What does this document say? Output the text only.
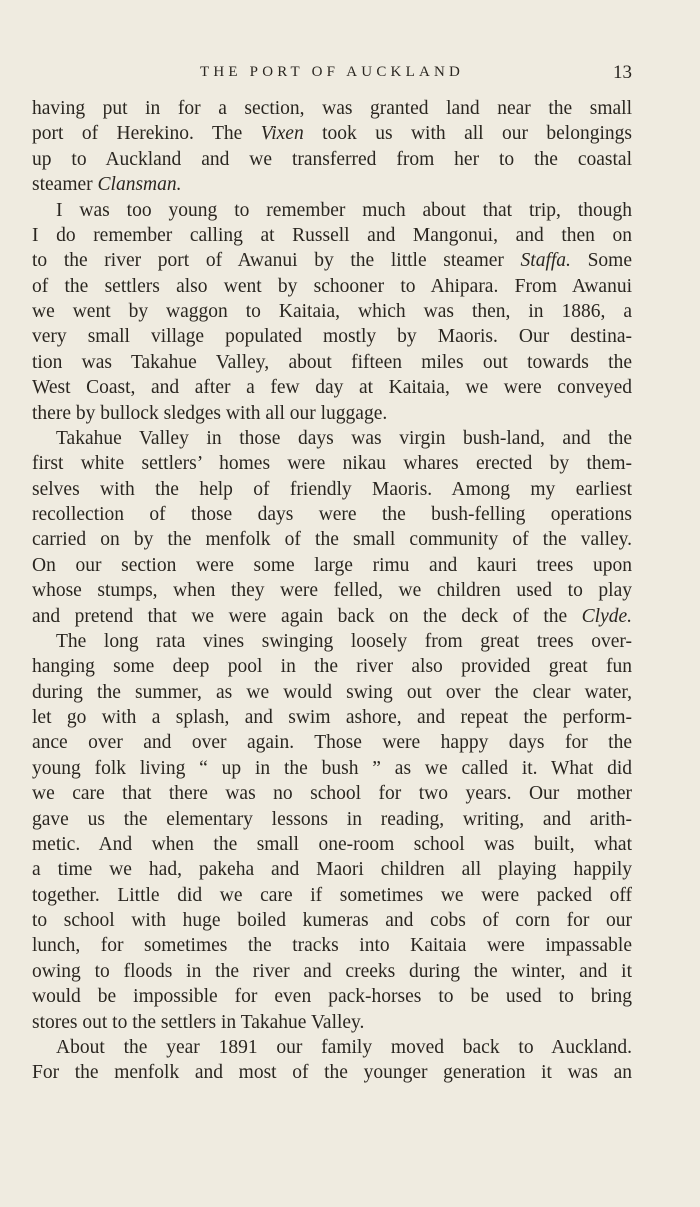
THE PORT OF AUCKLAND	13
having put in for a section, was granted land near the small
port of Herekino. The Vixen took us with all our belongings
up to Auckland and we transferred from her to the coastal
steamer Clansman.
I was too young to remember much about that trip, though
I do remember calling at Russell and Mangonui, and then on
to the river port of Awanui by the little steamer Staffa. Some
of the settlers also went by schooner to Ahipara. From Awanui
we went by waggon to Kaitaia, which was then, in 1886, a
very small village populated mostly by Maoris. Our destina-
tion was Takahue Valley, about fifteen miles out towards the
West Coast, and after a few day at Kaitaia, we were conveyed
there by bullock sledges with all our luggage.
Takahue Valley in those days was virgin bush-land, and the
first white settlers’ homes were nikau whares erected by them-
selves with the help of friendly Maoris. Among my earliest
recollection of those days were the bush-felling operations
carried on by the menfolk of the small community of the valley.
On our section were some large rimu and kauri trees upon
whose stumps, when they were felled, we children used to play
and pretend that we were again back on the deck of the Clyde.
The long rata vines swinging loosely from great trees over-
hanging some deep pool in the river also provided great fun
during the summer, as we would swing out over the clear water,
let go with a splash, and swim ashore, and repeat the perform-
ance over and over again. Those were happy days for the
young folk living “ up in the bush ” as we called it. What did
we care that there was no school for two years. Our mother
gave us the elementary lessons in reading, writing, and arith-
metic. And when the small one-room school was built, what
a time we had, pakeha and Maori children all playing happily
together. Little did we care if sometimes we were packed off
to school with huge boiled kumeras and cobs of corn for our
lunch, for sometimes the tracks into Kaitaia were impassable
owing to floods in the river and creeks during the winter, and it
would be impossible for even pack-horses to be used to bring
stores out to the settlers in Takahue Valley.
About the year 1891 our family moved back to Auckland.
For the menfolk and most of the younger generation it was an
